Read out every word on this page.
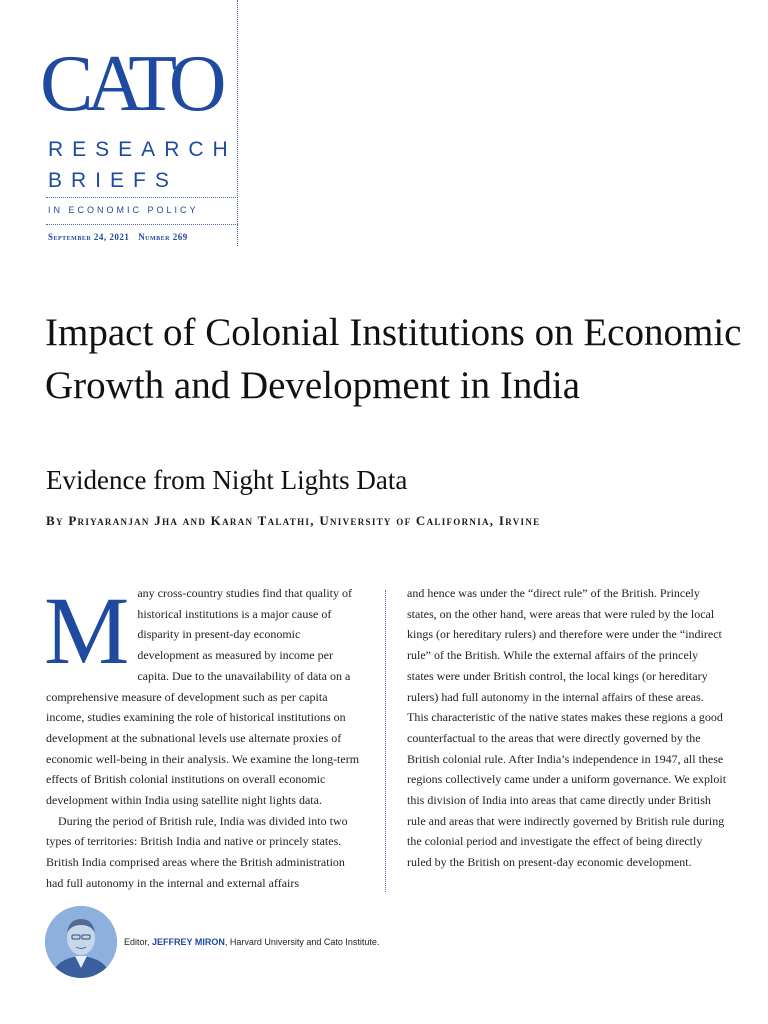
CATO
RESEARCH
BRIEFS
IN ECONOMIC POLICY
September 24, 2021 Number 269
Impact of Colonial Institutions on Economic Growth and Development in India
Evidence from Night Lights Data
By Priyaranjan Jha and Karan Talathi, University of California, Irvine
M any cross-country studies find that quality of historical institutions is a major cause of disparity in present-day economic development as measured by income per capita. Due to the unavailability of data on a comprehensive measure of development such as per capita income, studies examining the role of historical institutions on development at the subnational levels use alternate proxies of economic well-being in their analysis. We examine the long-term effects of British colonial institutions on overall economic development within India using satellite night lights data.

During the period of British rule, India was divided into two types of territories: British India and native or princely states. British India comprised areas where the British administration had full autonomy in the internal and external affairs

and hence was under the “direct rule” of the British. Princely states, on the other hand, were areas that were ruled by the local kings (or hereditary rulers) and therefore were under the “indirect rule” of the British. While the external affairs of the princely states were under British control, the local kings (or hereditary rulers) had full autonomy in the internal affairs of these areas. This characteristic of the native states makes these regions a good counterfactual to the areas that were directly governed by the British colonial rule. After India’s independence in 1947, all these regions collectively came under a uniform governance. We exploit this division of India into areas that came directly under British rule and areas that were indirectly governed by British rule during the colonial period and investigate the effect of being directly ruled by the British on present-day economic development.

Editor, JEFFREY MIRON, Harvard University and Cato Institute.
